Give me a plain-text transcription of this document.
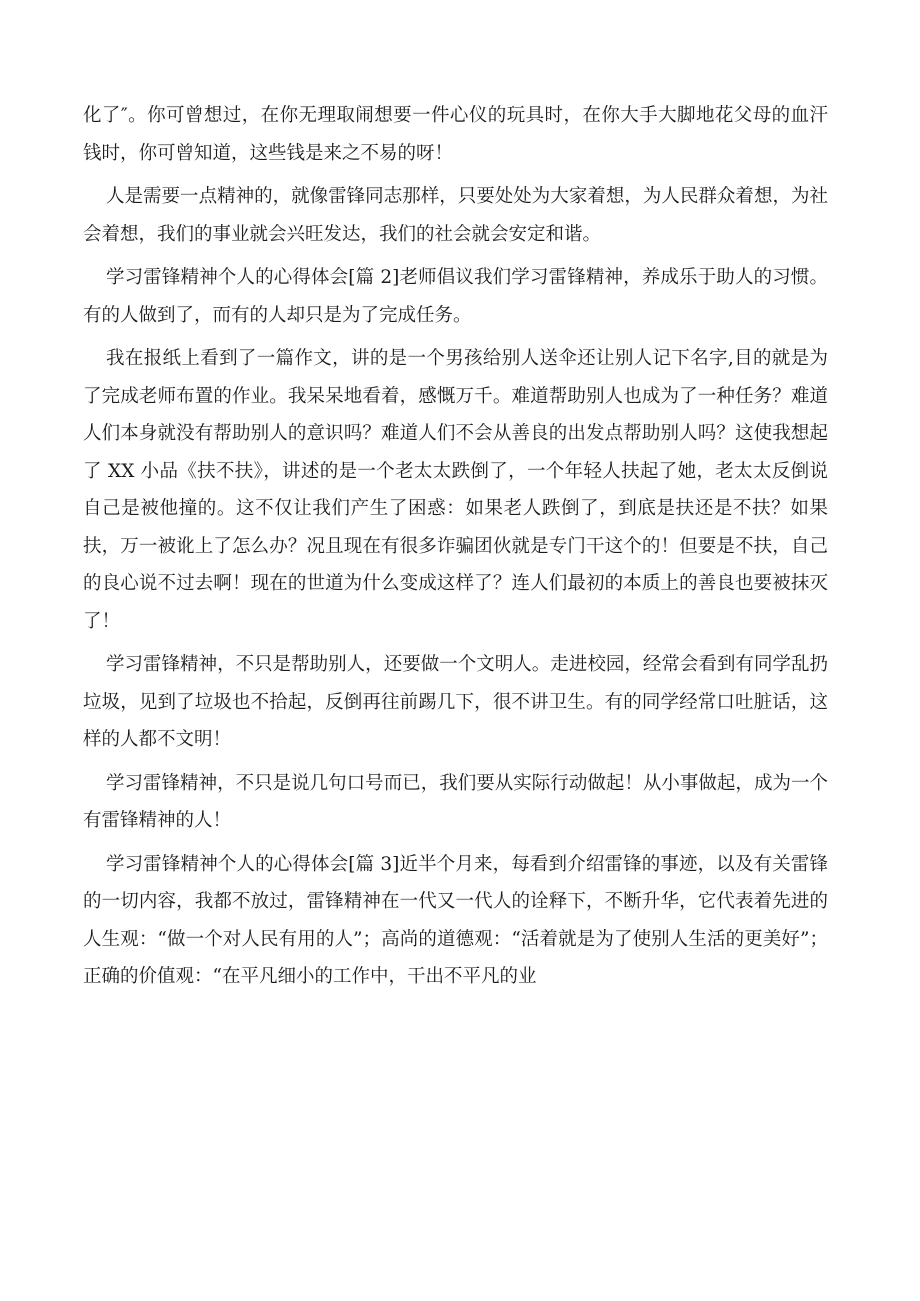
化了″。你可曾想过，在你无理取闹想要一件心仪的玩具时，在你大手大脚地花父母的血汗钱时，你可曾知道，这些钱是来之不易的呀！

人是需要一点精神的，就像雷锋同志那样，只要处处为大家着想，为人民群众着想，为社会着想，我们的事业就会兴旺发达，我们的社会就会安定和谐。

学习雷锋精神个人的心得体会[篇 2]老师倡议我们学习雷锋精神，养成乐于助人的习惯。有的人做到了，而有的人却只是为了完成任务。

我在报纸上看到了一篇作文，讲的是一个男孩给别人送伞还让别人记下名字,目的就是为了完成老师布置的作业。我呆呆地看着，感慨万千。难道帮助别人也成为了一种任务？难道人们本身就没有帮助别人的意识吗？难道人们不会从善良的出发点帮助别人吗？这使我想起了 XX 小品《扶不扶》，讲述的是一个老太太跌倒了，一个年轻人扶起了她，老太太反倒说自己是被他撞的。这不仅让我们产生了困惑：如果老人跌倒了，到底是扶还是不扶？如果扶，万一被讹上了怎么办？况且现在有很多诈骗团伙就是专门干这个的！但要是不扶，自己的良心说不过去啊！现在的世道为什么变成这样了？连人们最初的本质上的善良也要被抹灭了！

学习雷锋精神，不只是帮助别人，还要做一个文明人。走进校园，经常会看到有同学乱扔垃圾，见到了垃圾也不拾起，反倒再往前踢几下，很不讲卫生。有的同学经常口吐脏话，这样的人都不文明！

学习雷锋精神，不只是说几句口号而已，我们要从实际行动做起！从小事做起，成为一个有雷锋精神的人！

学习雷锋精神个人的心得体会[篇 3]近半个月来，每看到介绍雷锋的事迹，以及有关雷锋的一切内容，我都不放过，雷锋精神在一代又一代人的诠释下，不断升华，它代表着先进的人生观：“做一个对人民有用的人”；高尚的道德观：“活着就是为了使别人生活的更美好”；正确的价值观：“在平凡细小的工作中，干出不平凡的业
